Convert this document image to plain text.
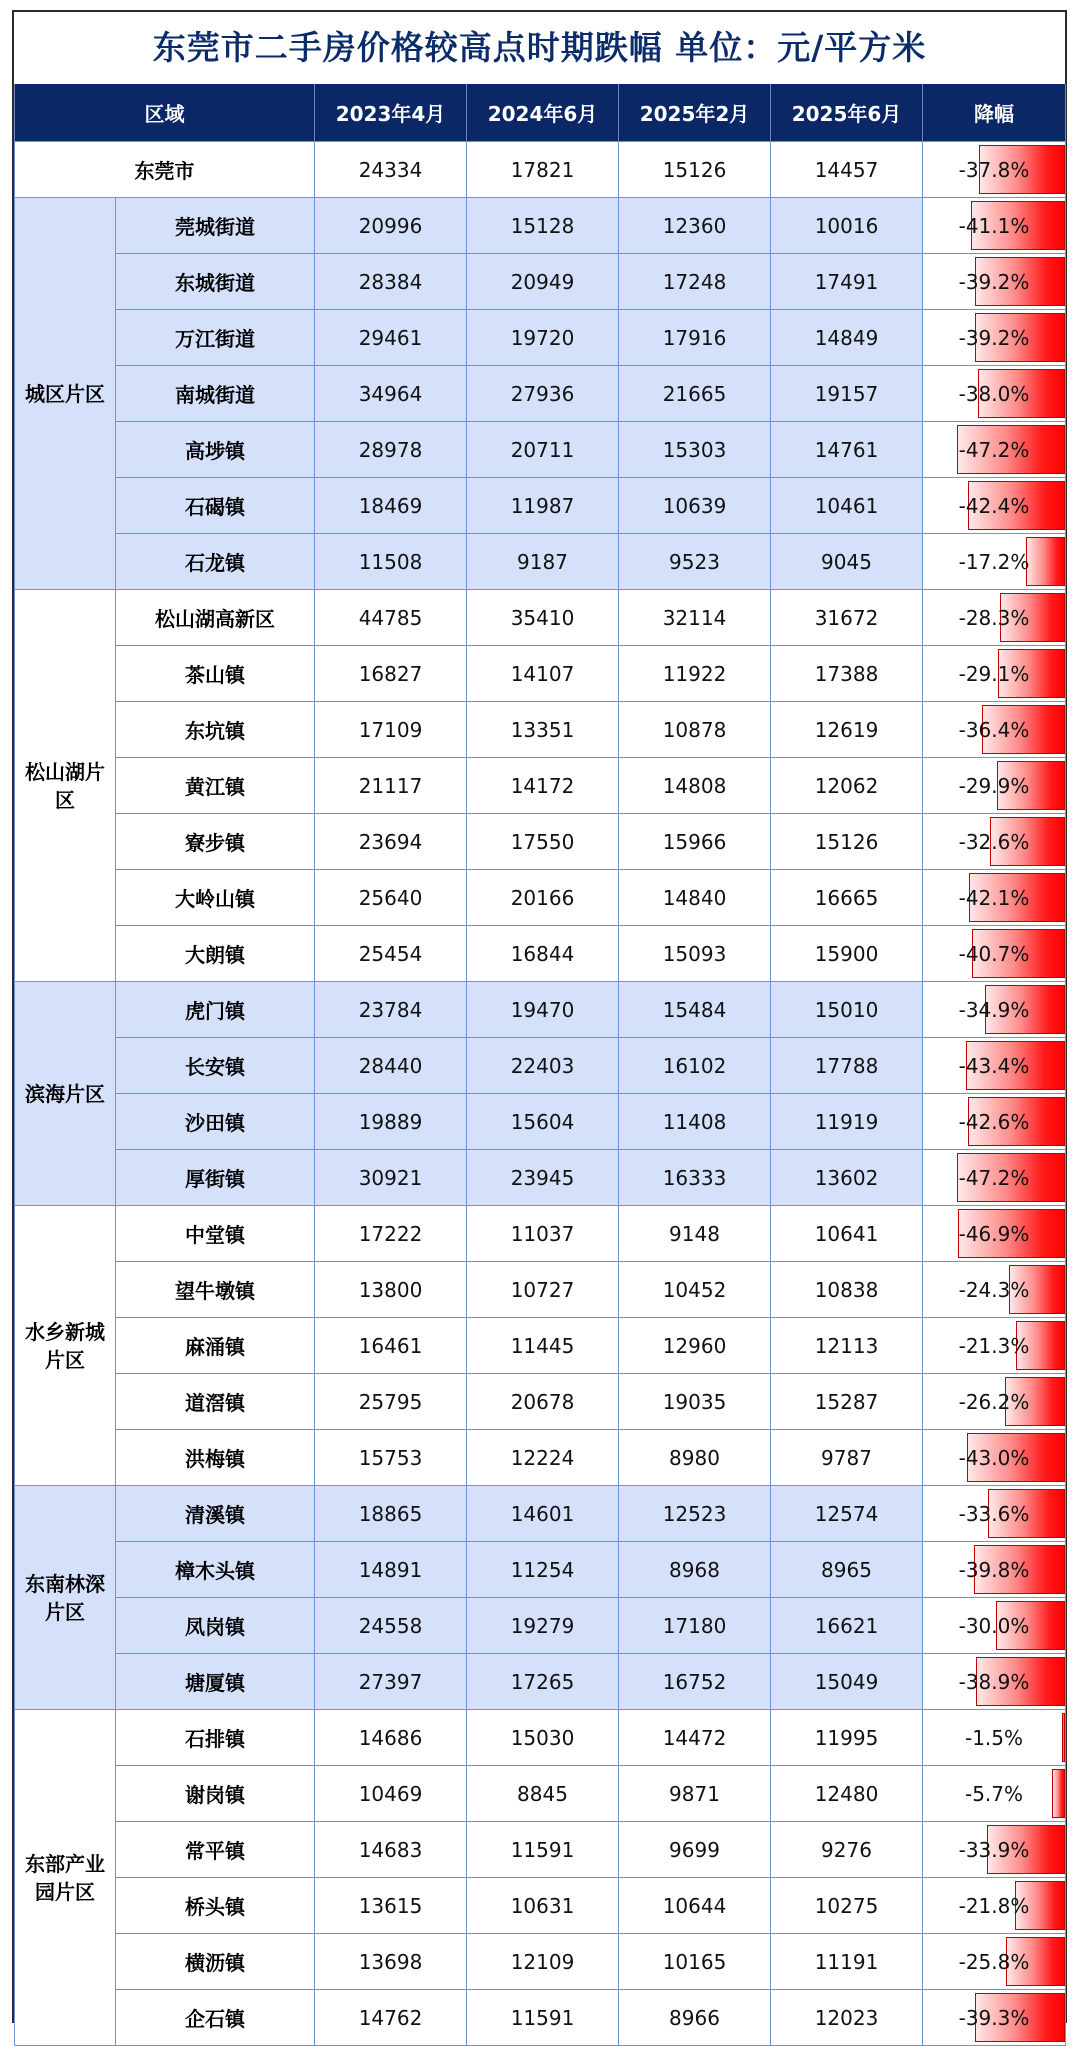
东莞市二手房价格较高点时期跌幅 单位：元/平方米
区域		2023年4月	2024年6月	2025年2月	2025年6月	降幅
东莞市		24334	17821	15126	14457	-37.8%
城区片区	莞城街道	20996	15128	12360	10016	-41.1%
	东城街道	28384	20949	17248	17491	-39.2%
	万江街道	29461	19720	17916	14849	-39.2%
	南城街道	34964	27936	21665	19157	-38.0%
	高埗镇	28978	20711	15303	14761	-47.2%
	石碣镇	18469	11987	10639	10461	-42.4%
	石龙镇	11508	9187	9523	9045	-17.2%
松山湖片区	松山湖高新区	44785	35410	32114	31672	-28.3%
	茶山镇	16827	14107	11922	17388	-29.1%
	东坑镇	17109	13351	10878	12619	-36.4%
	黄江镇	21117	14172	14808	12062	-29.9%
	寮步镇	23694	17550	15966	15126	-32.6%
	大岭山镇	25640	20166	14840	16665	-42.1%
	大朗镇	25454	16844	15093	15900	-40.7%
滨海片区	虎门镇	23784	19470	15484	15010	-34.9%
	长安镇	28440	22403	16102	17788	-43.4%
	沙田镇	19889	15604	11408	11919	-42.6%
	厚街镇	30921	23945	16333	13602	-47.2%
水乡新城片区	中堂镇	17222	11037	9148	10641	-46.9%
	望牛墩镇	13800	10727	10452	10838	-24.3%
	麻涌镇	16461	11445	12960	12113	-21.3%
	道滘镇	25795	20678	19035	15287	-26.2%
	洪梅镇	15753	12224	8980	9787	-43.0%
东南林深片区	清溪镇	18865	14601	12523	12574	-33.6%
	樟木头镇	14891	11254	8968	8965	-39.8%
	凤岗镇	24558	19279	17180	16621	-30.0%
	塘厦镇	27397	17265	16752	15049	-38.9%
东部产业园片区	石排镇	14686	15030	14472	11995	-1.5%
	谢岗镇	10469	8845	9871	12480	-5.7%
	常平镇	14683	11591	9699	9276	-33.9%
	桥头镇	13615	10631	10644	10275	-21.8%
	横沥镇	13698	12109	10165	11191	-25.8%
	企石镇	14762	11591	8966	12023	-39.3%
